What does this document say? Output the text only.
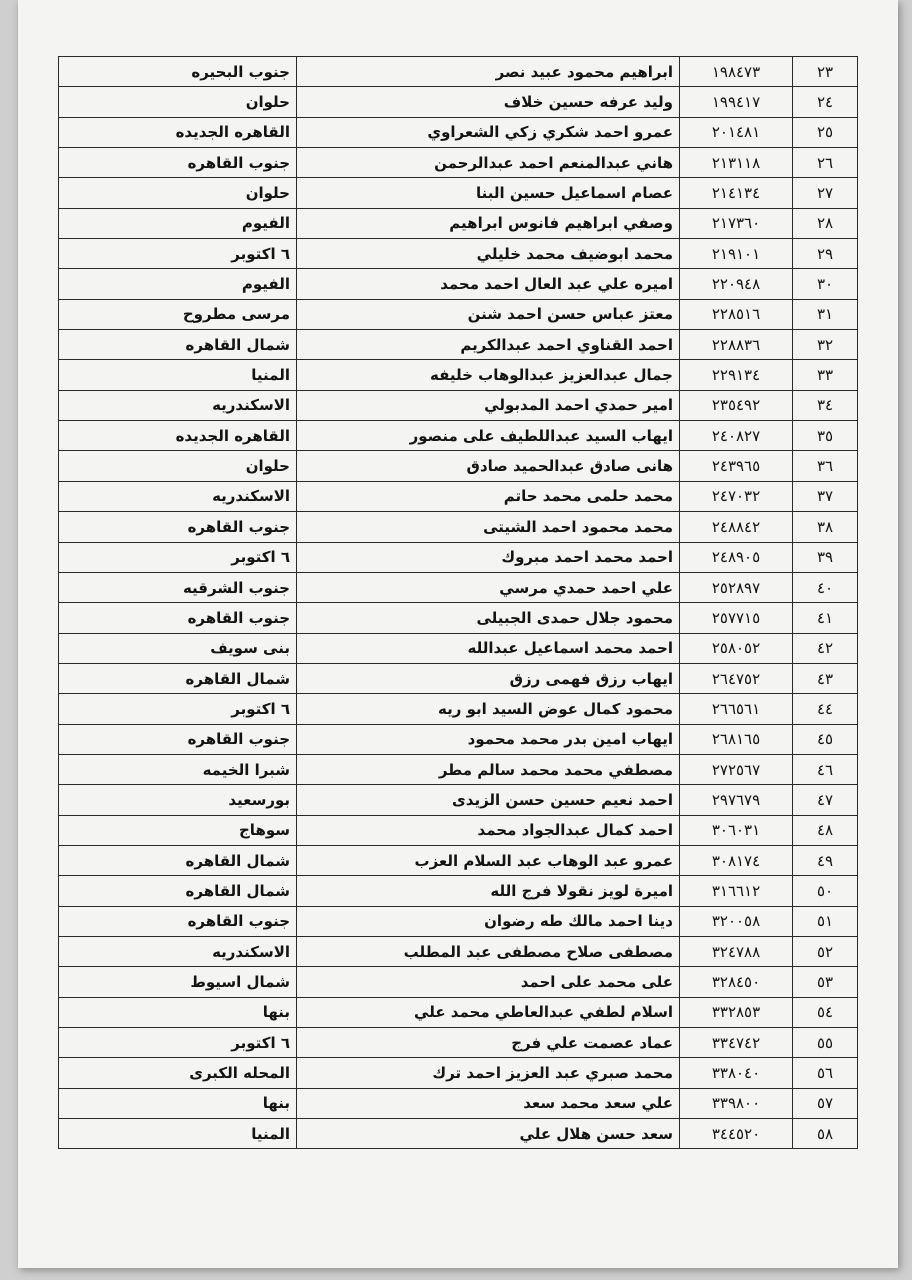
٢٣	١٩٨٤٧٣	ابراهيم محمود عبيد نصر	جنوب البحيره
٢٤	١٩٩٤١٧	وليد عرفه حسين خلاف	حلوان
٢٥	٢٠١٤٨١	عمرو احمد شكري زكي الشعراوي	القاهره الجديده
٢٦	٢١٣١١٨	هاني عبدالمنعم احمد عبدالرحمن	جنوب القاهره
٢٧	٢١٤١٣٤	عصام اسماعيل حسين البنا	حلوان
٢٨	٢١٧٣٦٠	وصفي ابراهيم فانوس ابراهيم	الفيوم
٢٩	٢١٩١٠١	محمد ابوضيف محمد خليلي	٦ اكتوبر
٣٠	٢٢٠٩٤٨	اميره علي عبد العال احمد محمد	الفيوم
٣١	٢٢٨٥١٦	معتز عباس حسن احمد شنن	مرسى مطروح
٣٢	٢٢٨٨٣٦	احمد القناوي احمد عبدالكريم	شمال القاهره
٣٣	٢٢٩١٣٤	جمال عبدالعزيز عبدالوهاب خليفه	المنيا
٣٤	٢٣٥٤٩٢	امير حمدي احمد المدبولي	الاسكندريه
٣٥	٢٤٠٨٢٧	ايهاب السيد عبداللطيف على منصور	القاهره الجديده
٣٦	٢٤٣٩٦٥	هانى صادق عبدالحميد صادق	حلوان
٣٧	٢٤٧٠٣٢	محمد حلمى محمد حاتم	الاسكندريه
٣٨	٢٤٨٨٤٢	محمد محمود احمد الشيتى	جنوب القاهره
٣٩	٢٤٨٩٠٥	احمد محمد احمد مبروك	٦ اكتوبر
٤٠	٢٥٢٨٩٧	علي احمد حمدي مرسي	جنوب الشرقيه
٤١	٢٥٧٧١٥	محمود جلال حمدى الجبيلى	جنوب القاهره
٤٢	٢٥٨٠٥٢	احمد محمد اسماعيل عبدالله	بنى سويف
٤٣	٢٦٤٧٥٢	ايهاب رزق فهمى رزق	شمال القاهره
٤٤	٢٦٦٥٦١	محمود كمال عوض السيد ابو ريه	٦ اكتوبر
٤٥	٢٦٨١٦٥	ايهاب امين بدر محمد محمود	جنوب القاهره
٤٦	٢٧٢٥٦٧	مصطفي محمد محمد سالم مطر	شبرا الخيمه
٤٧	٢٩٧٦٧٩	احمد نعيم حسين حسن الزيدى	بورسعيد
٤٨	٣٠٦٠٣١	احمد كمال عبدالجواد محمد	سوهاج
٤٩	٣٠٨١٧٤	عمرو عبد الوهاب عبد السلام العزب	شمال القاهره
٥٠	٣١٦٦١٢	اميرة لويز نقولا فرج الله	شمال القاهره
٥١	٣٢٠٠٥٨	دينا احمد مالك طه رضوان	جنوب القاهره
٥٢	٣٢٤٧٨٨	مصطفى صلاح مصطفى عبد المطلب	الاسكندريه
٥٣	٣٢٨٤٥٠	على محمد على احمد	شمال اسيوط
٥٤	٣٣٢٨٥٣	اسلام لطفي عبدالعاطي محمد علي	بنها
٥٥	٣٣٤٧٤٢	عماد عصمت علي فرج	٦ اكتوبر
٥٦	٣٣٨٠٤٠	محمد صبري عبد العزيز احمد ترك	المحله الكبرى
٥٧	٣٣٩٨٠٠	علي سعد محمد سعد	بنها
٥٨	٣٤٤٥٢٠	سعد حسن هلال علي	المنيا
